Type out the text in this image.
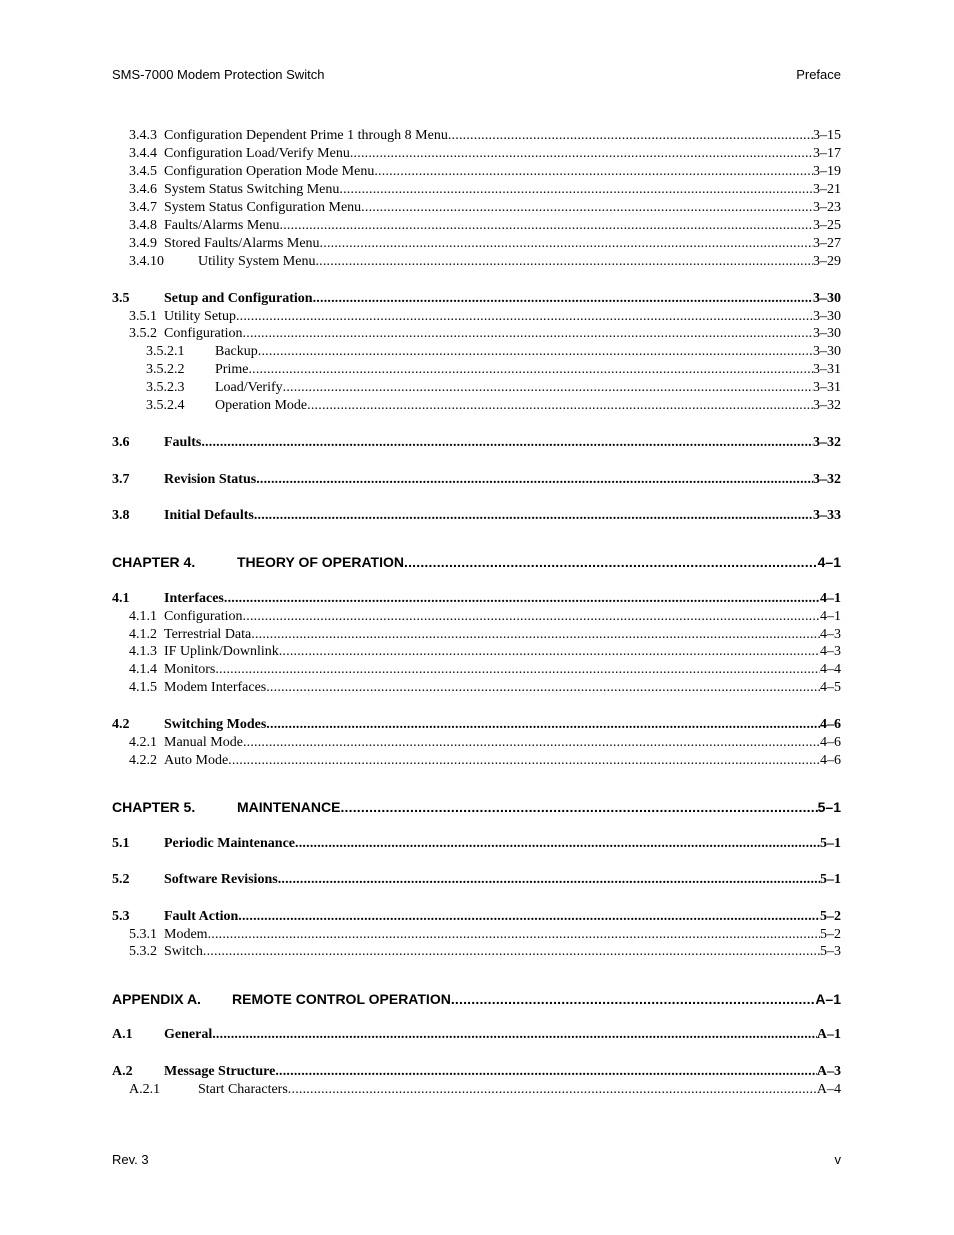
SMS-7000 Modem Protection Switch	Preface
3.4.3 Configuration Dependent Prime 1 through 8 Menu .....	3–15
3.4.4 Configuration Load/Verify Menu .....	3–17
3.4.5 Configuration Operation Mode Menu .....	3–19
3.4.6 System Status Switching Menu .....	3–21
3.4.7 System Status Configuration Menu .....	3–23
3.4.8 Faults/Alarms Menu .....	3–25
3.4.9 Stored Faults/Alarms Menu .....	3–27
3.4.10	Utility System Menu .....	3–29
3.5	Setup and Configuration .....	3–30
3.5.1 Utility Setup .....	3–30
3.5.2 Configuration .....	3–30
3.5.2.1	Backup .....	3–30
3.5.2.2	Prime .....	3–31
3.5.2.3	Load/Verify .....	3–31
3.5.2.4	Operation Mode .....	3–32
3.6	Faults .....	3–32
3.7	Revision Status .....	3–32
3.8	Initial Defaults .....	3–33
CHAPTER 4.	THEORY OF OPERATION .....	4–1
4.1	Interfaces .....	4–1
4.1.1 Configuration .....	4–1
4.1.2 Terrestrial Data .....	4–3
4.1.3 IF Uplink/Downlink .....	4–3
4.1.4 Monitors .....	4–4
4.1.5 Modem Interfaces .....	4–5
4.2	Switching Modes .....	4–6
4.2.1 Manual Mode .....	4–6
4.2.2 Auto Mode .....	4–6
CHAPTER 5.	MAINTENANCE .....	5–1
5.1	Periodic Maintenance .....	5–1
5.2	Software Revisions .....	5–1
5.3	Fault Action .....	5–2
5.3.1 Modem .....	5–2
5.3.2 Switch .....	5–3
APPENDIX A.	REMOTE CONTROL OPERATION .....	A–1
A.1	General .....	A–1
A.2	Message Structure .....	A–3
A.2.1	Start Characters .....	A–4
Rev. 3	v
